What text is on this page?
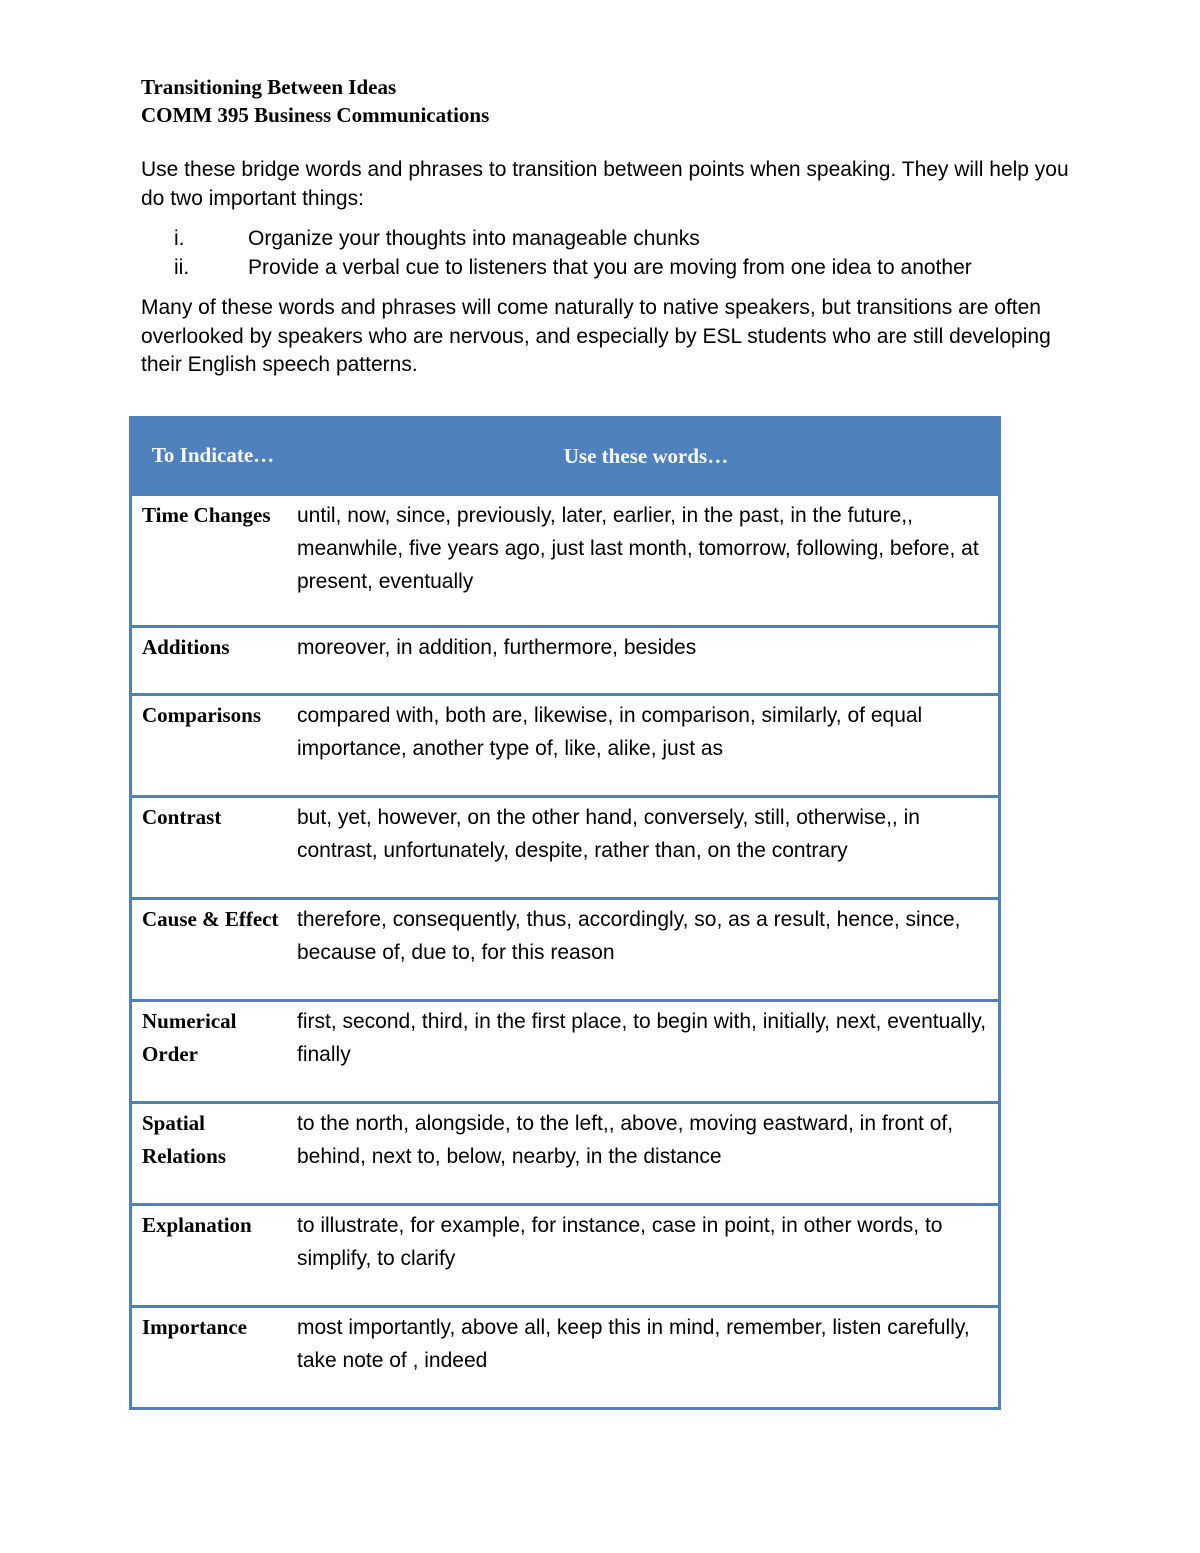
Transitioning Between Ideas
COMM 395 Business Communications

Use these bridge words and phrases to transition between points when speaking. They will help you do two important things:

i.	Organize your thoughts into manageable chunks
ii.	Provide a verbal cue to listeners that you are moving from one idea to another

Many of these words and phrases will come naturally to native speakers, but transitions are often overlooked by speakers who are nervous, and especially by ESL students who are still developing their English speech patterns.

To Indicate…	Use these words…
Time Changes	until, now, since, previously, later, earlier, in the past, in the future,, meanwhile, five years ago, just last month, tomorrow, following, before, at present, eventually
Additions	moreover, in addition, furthermore, besides
Comparisons	compared with, both are, likewise, in comparison, similarly, of equal importance, another type of, like, alike, just as
Contrast	but, yet, however, on the other hand, conversely, still, otherwise,, in contrast, unfortunately, despite, rather than, on the contrary
Cause & Effect	therefore, consequently, thus, accordingly, so, as a result, hence, since, because of, due to, for this reason
Numerical Order	first, second, third, in the first place, to begin with, initially, next, eventually, finally
Spatial Relations	to the north, alongside, to the left,, above, moving eastward, in front of, behind, next to, below, nearby, in the distance
Explanation	to illustrate, for example, for instance, case in point, in other words, to simplify, to clarify
Importance	most importantly, above all, keep this in mind, remember, listen carefully, take note of , indeed
